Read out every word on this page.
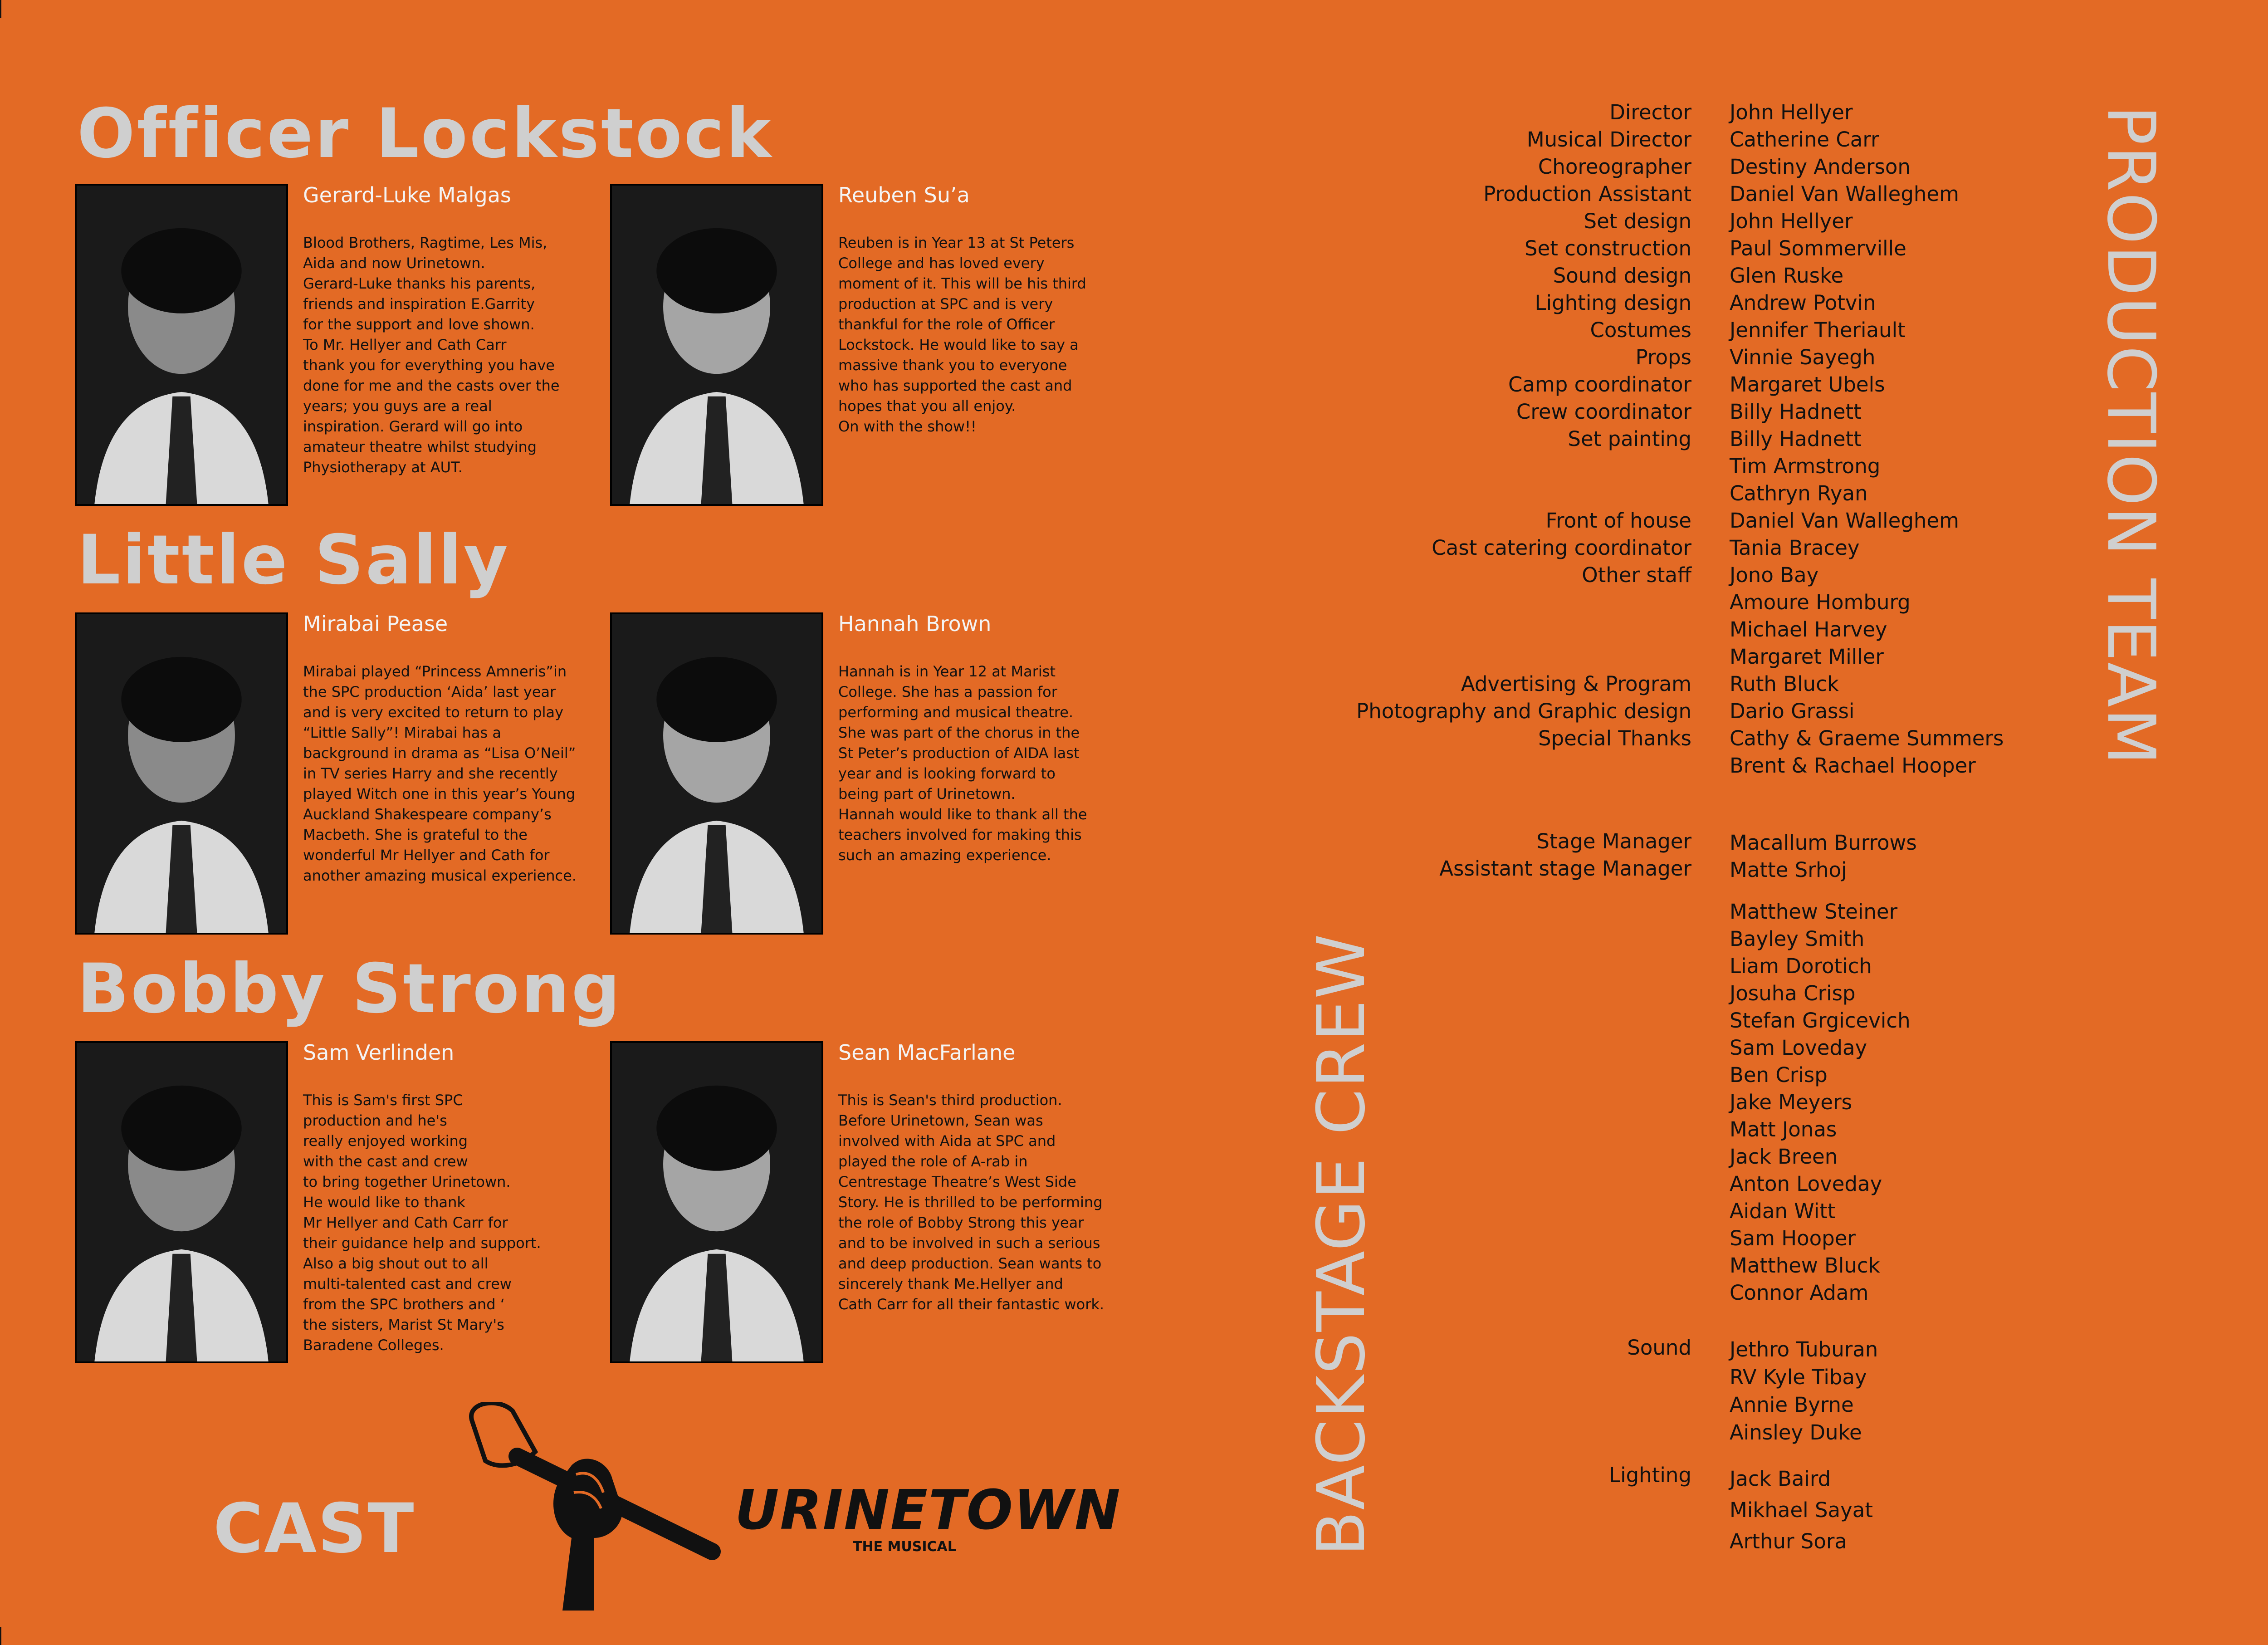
Officer Lockstock
Gerard-Luke Malgas
Blood Brothers, Ragtime, Les Mis,
Aida and now Urinetown.
Gerard-Luke thanks his parents,
friends and inspiration E.Garrity
for the support and love shown.
To Mr. Hellyer and Cath Carr
thank you for everything you have
done for me and the casts over the
years; you guys are a real
inspiration. Gerard will go into
amateur theatre whilst studying
Physiotherapy at AUT.
Reuben Su’a
Reuben is in Year 13 at St Peters
College and has loved every
moment of it. This will be his third
production at SPC and is very
thankful for the role of Officer
Lockstock. He would like to say a
massive thank you to everyone
who has supported the cast and
hopes that you all enjoy.
On with the show!!
Little Sally
Mirabai Pease
Mirabai played “Princess Amneris”in
the SPC production ‘Aida’ last year
and is very excited to return to play
“Little Sally”! Mirabai has a
background in drama as “Lisa O’Neil”
in TV series Harry and she recently
played Witch one in this year’s Young
Auckland Shakespeare company’s
Macbeth. She is grateful to the
wonderful Mr Hellyer and Cath for
another amazing musical experience.
Hannah Brown
Hannah is in Year 12 at Marist
College. She has a passion for
performing and musical theatre.
She was part of the chorus in the
St Peter’s production of AIDA last
year and is looking forward to
being part of Urinetown.
Hannah would like to thank all the
teachers involved for making this
such an amazing experience.
Bobby Strong
Sam Verlinden
This is Sam's first SPC
production and he's
really enjoyed working
with the cast and crew
to bring together Urinetown.
He would like to thank
Mr Hellyer and Cath Carr for
their guidance help and support.
Also a big shout out to all
multi-talented cast and crew
from the SPC brothers and ‘
the sisters, Marist St Mary's
Baradene Colleges.
Sean MacFarlane
This is Sean's third production.
Before Urinetown, Sean was
involved with Aida at SPC and
played the role of A-rab in
Centrestage Theatre’s West Side
Story. He is thrilled to be performing
the role of Bobby Strong this year
and to be involved in such a serious
and deep production. Sean wants to
sincerely thank Me.Hellyer and
Cath Carr for all their fantastic work.
CAST	URINETOWN
THE MUSICAL
Director
Musical Director
Choreographer
Production Assistant
Set design
Set construction
Sound design
Lighting design
Costumes
Props
Camp coordinator
Crew coordinator
Set painting

Front of house
Cast catering coordinator
Other staff

Advertising & Program
Photography and Graphic design
Special Thanks
John Hellyer
Catherine Carr
Destiny Anderson
Daniel Van Walleghem
John Hellyer
Paul Sommerville
Glen Ruske
Andrew Potvin
Jennifer Theriault
Vinnie Sayegh
Margaret Ubels
Billy Hadnett
Billy Hadnett
Tim Armstrong
Cathryn Ryan
Daniel Van Walleghem
Tania Bracey
Jono Bay
Amoure Homburg
Michael Harvey
Margaret Miller
Ruth Bluck
Dario Grassi
Cathy & Graeme Summers
Brent & Rachael Hooper
Stage Manager
Assistant stage Manager
Macallum Burrows
Matte Srhoj
Matthew Steiner
Bayley Smith
Liam Dorotich
Josuha Crisp
Stefan Grgicevich
Sam Loveday
Ben Crisp
Jake Meyers
Matt Jonas
Jack Breen
Anton Loveday
Aidan Witt
Sam Hooper
Matthew Bluck
Connor Adam
Sound Jethro Tuburan
RV Kyle Tibay
Annie Byrne
Ainsley Duke
Lighting Jack Baird
Mikhael Sayat
Arthur Sora
PRODUCTION TEAM
BACKSTAGE CREW
